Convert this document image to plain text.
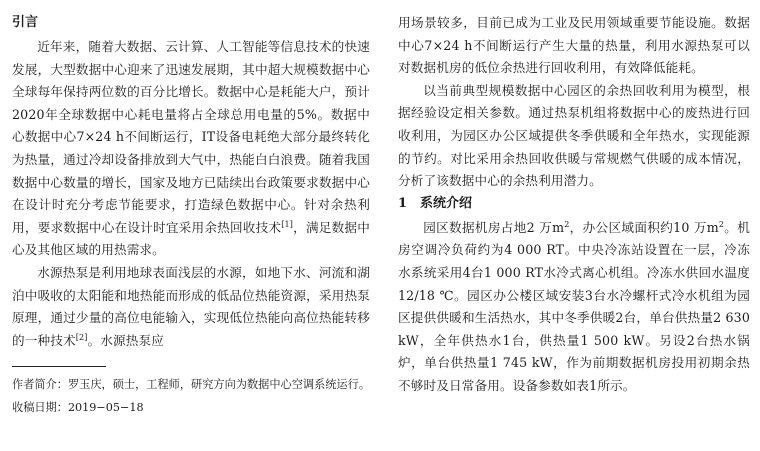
引言

近年来，随着大数据、云计算、人工智能等信息技术的快速发展，大型数据中心迎来了迅速发展期，其中超大规模数据中心全球每年保持两位数的百分比增长。数据中心是耗能大户，预计2020年全球数据中心耗电量将占全球总用电量的5%。数据中心数据中心7×24 h不间断运行，IT设备电耗绝大部分最终转化为热量，通过冷却设备排放到大气中，热能白白浪费。随着我国数据中心数量的增长，国家及地方已陆续出台政策要求数据中心在设计时充分考虑节能要求，打造绿色数据中心。针对余热利用，要求数据中心在设计时宜采用余热回收技术[1]，满足数据中心及其他区域的用热需求。

水源热泵是利用地球表面浅层的水源，如地下水、河流和湖泊中吸收的太阳能和地热能而形成的低品位热能资源，采用热泵原理，通过少量的高位电能输入，实现低位热能向高位热能转移的一种技术[2]。水源热泵应

作者简介：罗玉庆，硕士，工程师，研究方向为数据中心空调系统运行。

收稿日期：2019−05−18

用场景较多，目前已成为工业及民用领域重要节能设施。数据中心7×24 h不间断运行产生大量的热量，利用水源热泵可以对数据机房的低位余热进行回收利用，有效降低能耗。

以当前典型规模数据中心园区的余热回收利用为模型，根据经验设定相关参数。通过热泵机组将数据中心的废热进行回收利用，为园区办公区域提供冬季供暖和全年热水，实现能源的节约。对比采用余热回收供暖与常规燃气供暖的成本情况，分析了该数据中心的余热利用潜力。

1　系统介绍

园区数据机房占地2 万$m^2$，办公区域面积约10 万$m^2$。机房空调冷负荷约为4 000 RT。中央冷冻站设置在一层，冷冻水系统采用4台1 000 RT水冷式离心机组。冷冻水供回水温度12/18 ℃。园区办公楼区域安装3台水冷螺杆式冷水机组为园区提供供暖和生活热水，其中冬季供暖2台，单台供热量2 630 kW，全年供热水1台，供热量1 500 kW。另设2台热水锅炉，单台供热量1 745 kW，作为前期数据机房投用初期余热不够时及日常备用。设备参数如表1所示。
